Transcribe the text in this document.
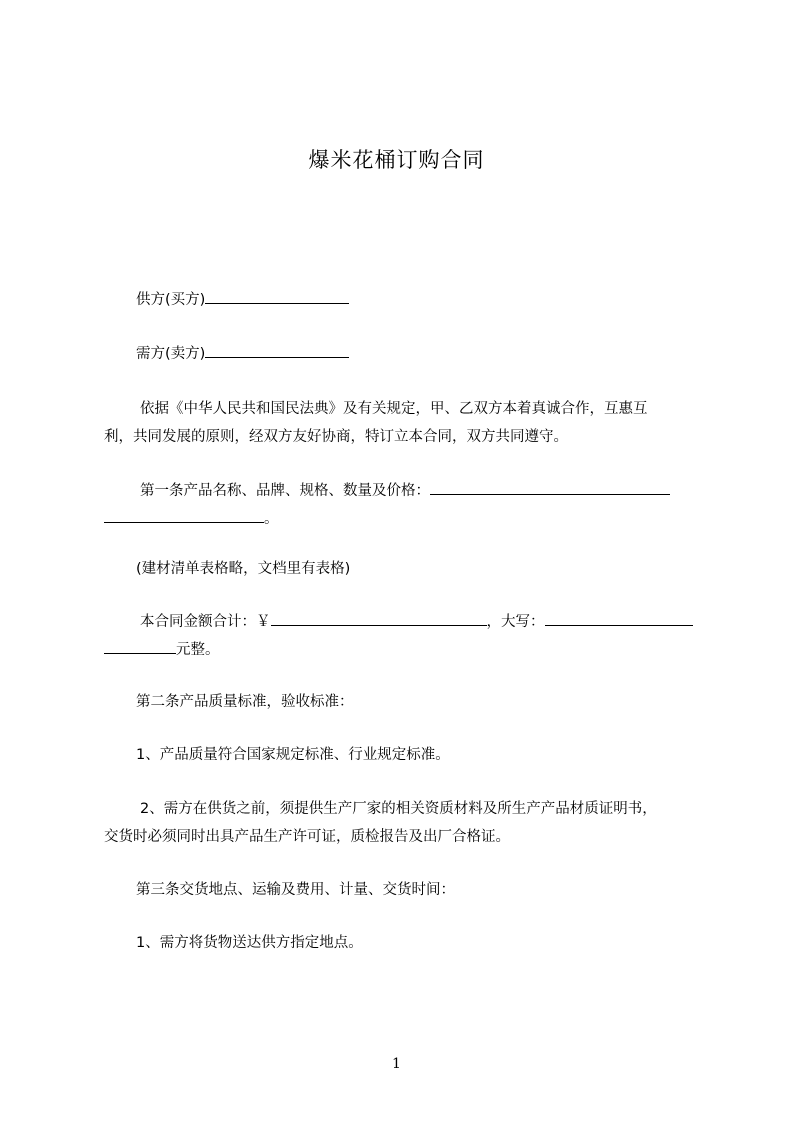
爆米花桶订购合同
供方(买方)
需方(卖方)
依据《中华人民共和国民法典》及有关规定，甲、乙双方本着真诚合作，互惠互
利，共同发展的原则，经双方友好协商，特订立本合同，双方共同遵守。
第一条产品名称、品牌、规格、数量及价格：
。
(建材清单表格略，文档里有表格)
本合同金额合计：￥	，大写：
元整。
第二条产品质量标准，验收标准：
1、产品质量符合国家规定标准、行业规定标准。
2、需方在供货之前，须提供生产厂家的相关资质材料及所生产产品材质证明书，
交货时必须同时出具产品生产许可证，质检报告及出厂合格证。
第三条交货地点、运输及费用、计量、交货时间：
1、需方将货物送达供方指定地点。
1
